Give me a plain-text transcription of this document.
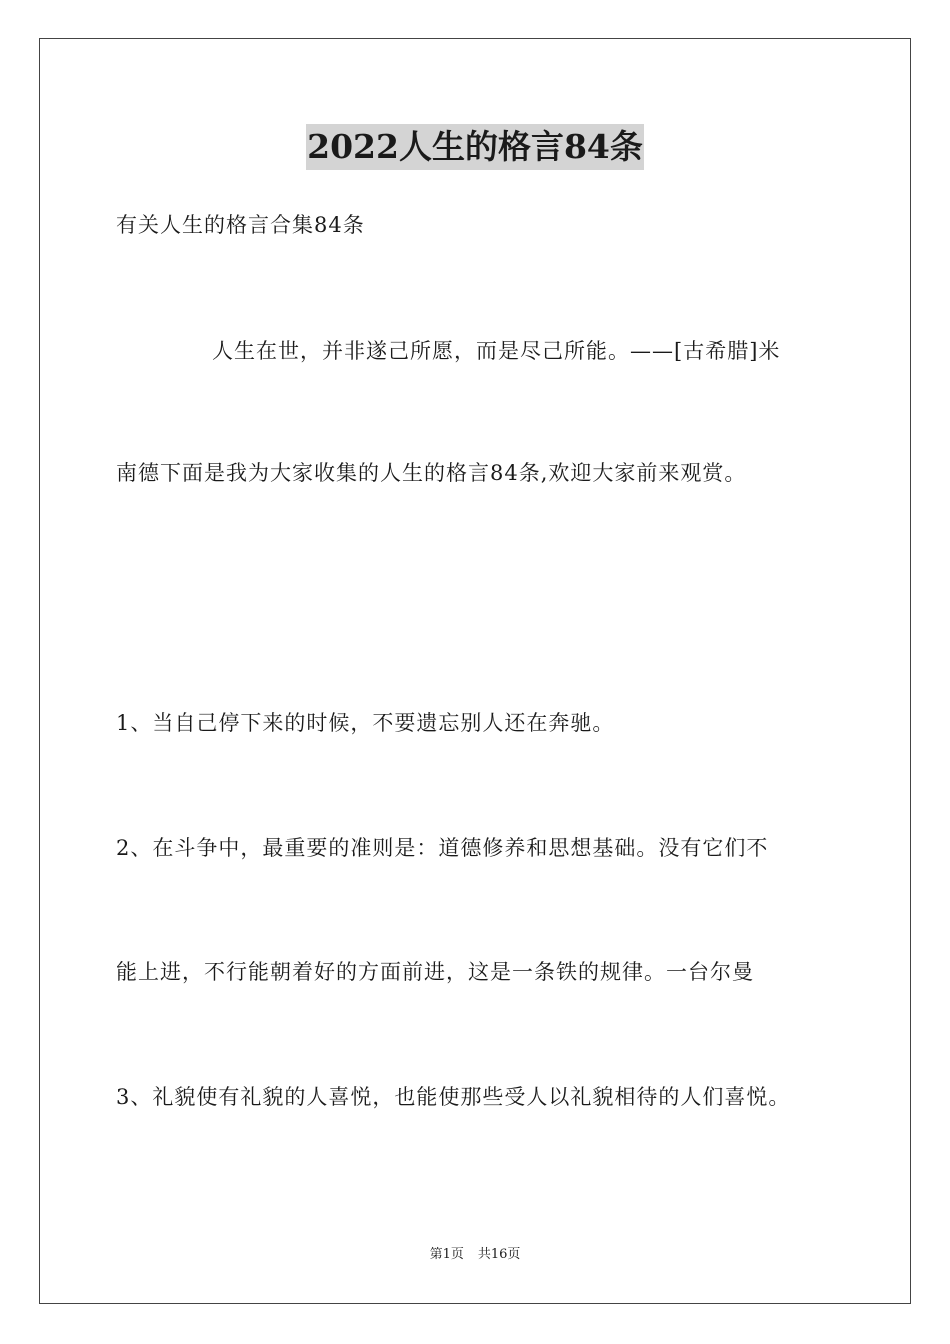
2022人生的格言84条
有关人生的格言合集84条
人生在世，并非遂己所愿，而是尽己所能。——[古希腊]米
南德下面是我为大家收集的人生的格言84条,欢迎大家前来观赏。
1、当自己停下来的时候，不要遗忘别人还在奔驰。
2、在斗争中，最重要的准则是：道德修养和思想基础。没有它们不
能上进，不行能朝着好的方面前进，这是一条铁的规律。一台尔曼
3、礼貌使有礼貌的人喜悦，也能使那些受人以礼貌相待的人们喜悦。
第1页 共16页
